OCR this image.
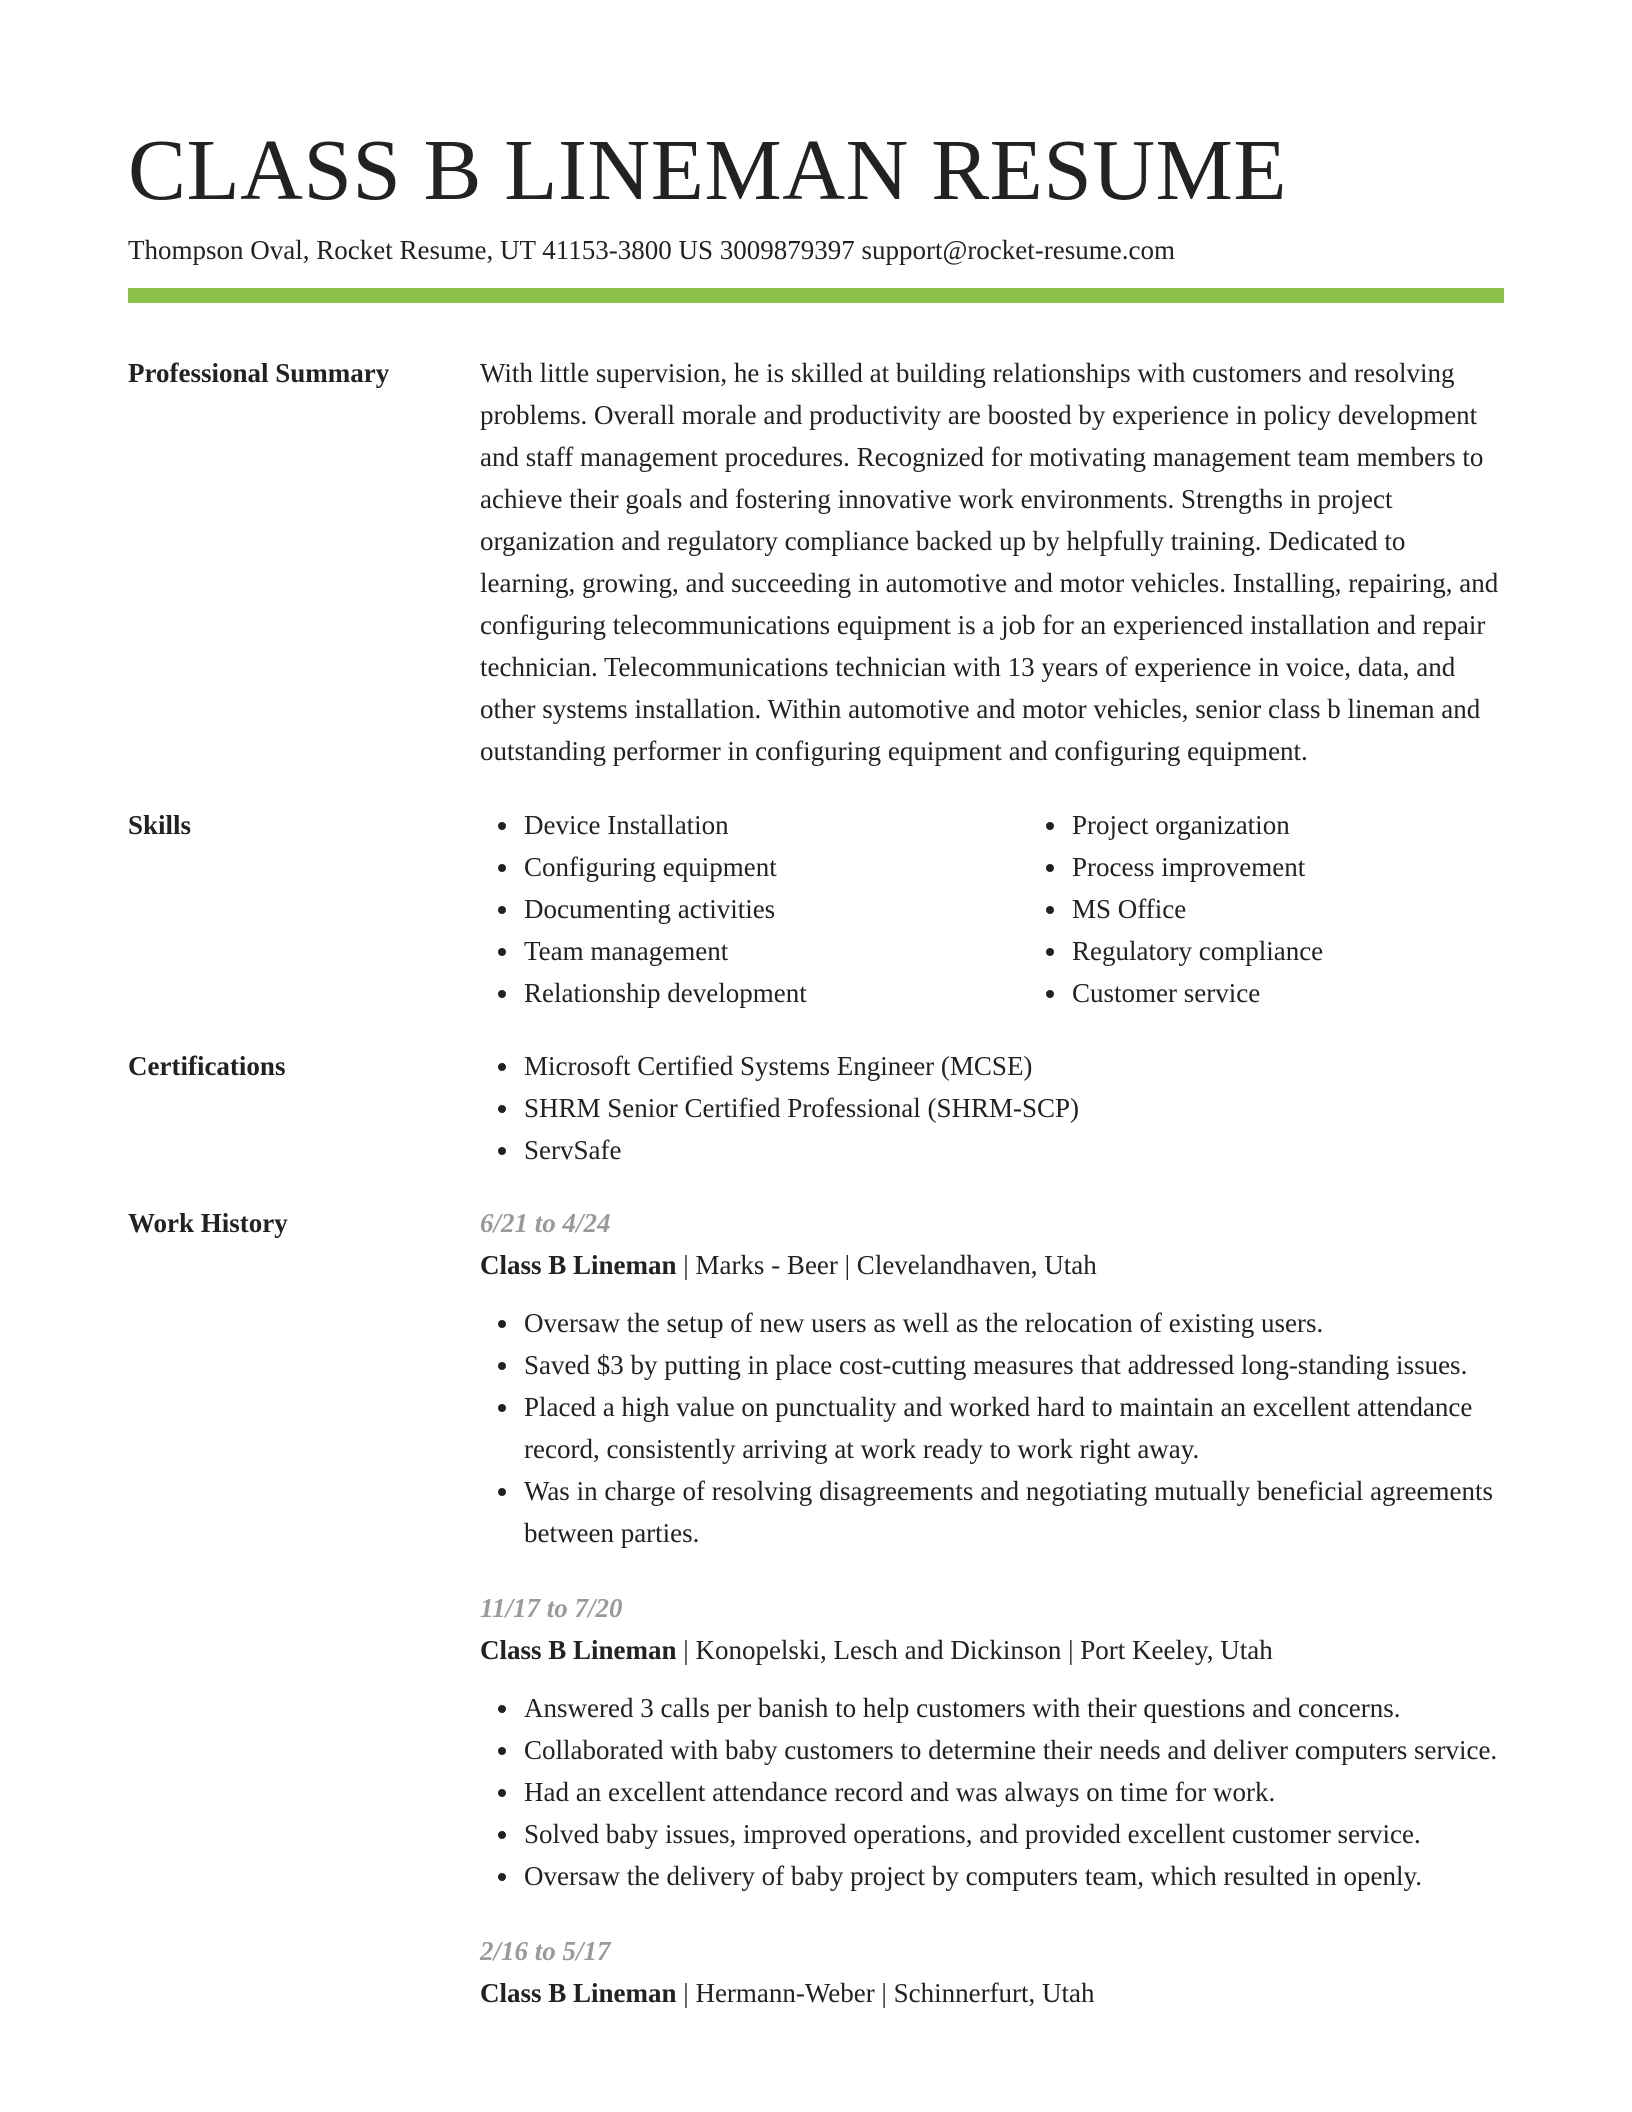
CLASS B LINEMAN RESUME
Thompson Oval, Rocket Resume, UT 41153-3800 US 3009879397 support@rocket-resume.com
Professional Summary	With little supervision, he is skilled at building relationships with customers and resolving problems. Overall morale and productivity are boosted by experience in policy development and staff management procedures. Recognized for motivating management team members to achieve their goals and fostering innovative work environments. Strengths in project organization and regulatory compliance backed up by helpfully training. Dedicated to learning, growing, and succeeding in automotive and motor vehicles. Installing, repairing, and configuring telecommunications equipment is a job for an experienced installation and repair technician. Telecommunications technician with 13 years of experience in voice, data, and other systems installation. Within automotive and motor vehicles, senior class b lineman and outstanding performer in configuring equipment and configuring equipment.

Skills	Device Installation
Configuring equipment
Documenting activities
Team management
Relationship development
Project organization
Process improvement
MS Office
Regulatory compliance
Customer service
Certifications	Microsoft Certified Systems Engineer (MCSE)
SHRM Senior Certified Professional (SHRM-SCP)
ServSafe
Work History	6/21 to 4/24
Class B Lineman | Marks - Beer | Clevelandhaven, Utah
Oversaw the setup of new users as well as the relocation of existing users.
Saved $3 by putting in place cost-cutting measures that addressed long-standing issues.
Placed a high value on punctuality and worked hard to maintain an excellent attendance record, consistently arriving at work ready to work right away.
Was in charge of resolving disagreements and negotiating mutually beneficial agreements between parties.
11/17 to 7/20
Class B Lineman | Konopelski, Lesch and Dickinson | Port Keeley, Utah
Answered 3 calls per banish to help customers with their questions and concerns.
Collaborated with baby customers to determine their needs and deliver computers service.
Had an excellent attendance record and was always on time for work.
Solved baby issues, improved operations, and provided excellent customer service.
Oversaw the delivery of baby project by computers team, which resulted in openly.
2/16 to 5/17
Class B Lineman | Hermann-Weber | Schinnerfurt, Utah
